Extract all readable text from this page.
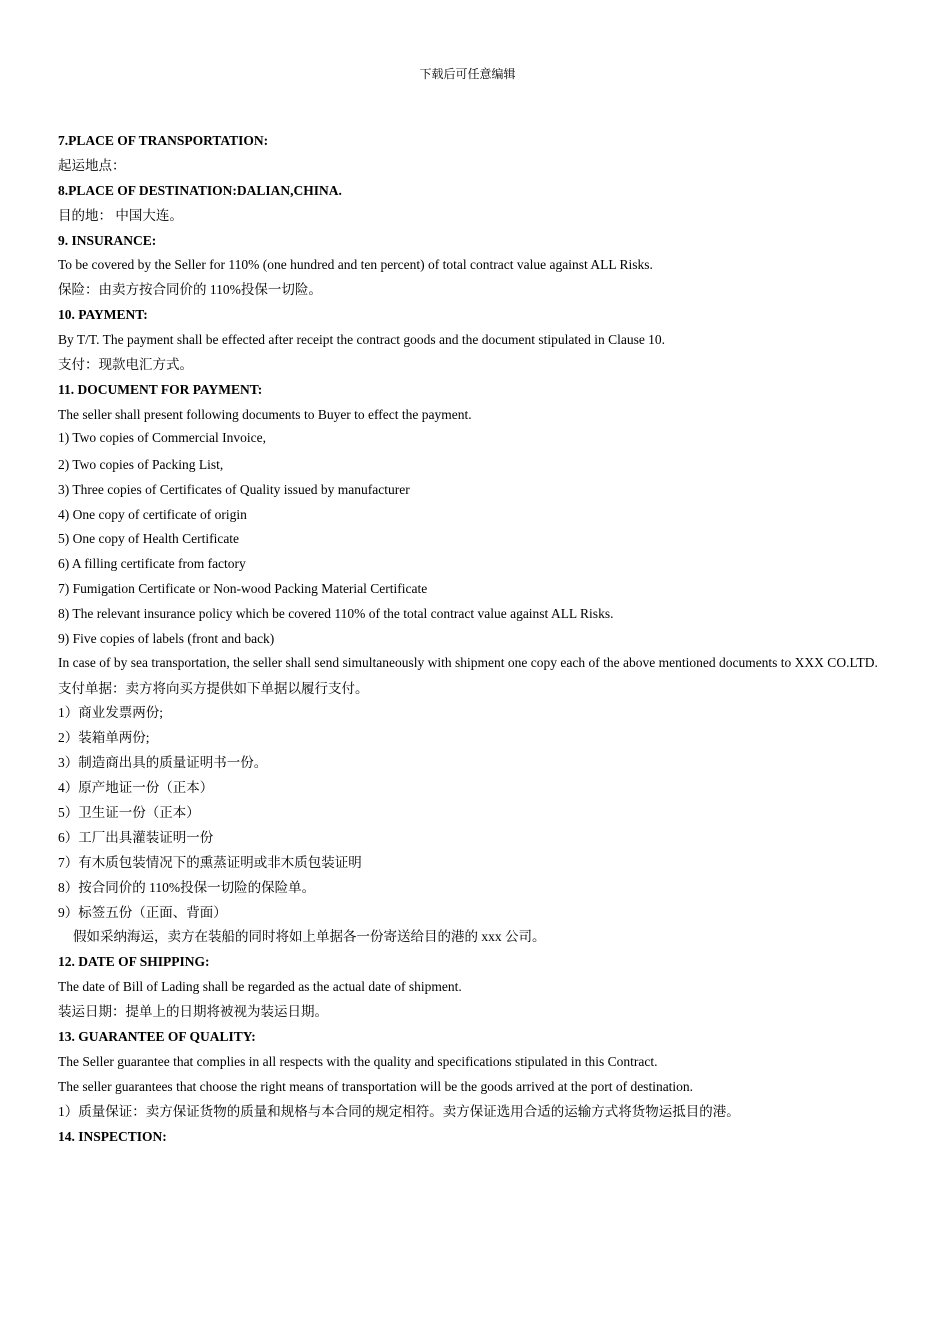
下载后可任意编辑
7.PLACE OF TRANSPORTATION:
起运地点：
8.PLACE OF DESTINATION:DALIAN,CHINA.
目的地： 中国大连。
9. INSURANCE:
To be covered by the Seller for 110% (one hundred and ten percent) of total contract value against ALL Risks.
保险：由卖方按合同价的 110%投保一切险。
10. PAYMENT:
By T/T. The payment shall be effected after receipt the contract goods and the document stipulated in Clause 10.
支付：现款电汇方式。
11. DOCUMENT FOR PAYMENT:
The seller shall present following documents to Buyer to effect the payment.
1) Two copies of Commercial Invoice,
2) Two copies of Packing List,
3) Three copies of Certificates of Quality issued by manufacturer
4) One copy of certificate of origin
5) One copy of Health Certificate
6) A filling certificate from factory
7) Fumigation Certificate or Non-wood Packing Material Certificate
8) The relevant insurance policy which be covered 110% of the total contract value against ALL Risks.
9) Five copies of labels (front and back)
In case of by sea transportation, the seller shall send simultaneously with shipment one copy each of the above mentioned documents to XXX CO.LTD.
支付单据：卖方将向买方提供如下单据以履行支付。
1）商业发票两份;
2）装箱单两份;
3）制造商出具的质量证明书一份。
4）原产地证一份（正本）
5）卫生证一份（正本）
6）工厂出具灌装证明一份
7）有木质包装情况下的熏蒸证明或非木质包装证明
8）按合同价的 110%投保一切险的保险单。
9）标签五份（正面、背面）
假如采纳海运，卖方在装船的同时将如上单据各一份寄送给目的港的 xxx 公司。
12. DATE OF SHIPPING:
The date of Bill of Lading shall be regarded as the actual date of shipment.
装运日期：提单上的日期将被视为装运日期。
13. GUARANTEE OF QUALITY:
The Seller guarantee that complies in all respects with the quality and specifications stipulated in this Contract.
The seller guarantees that choose the right means of transportation will be the goods arrived at the port of destination.
1）质量保证：卖方保证货物的质量和规格与本合同的规定相符。卖方保证选用合适的运输方式将货物运抵目的港。
14. INSPECTION:
